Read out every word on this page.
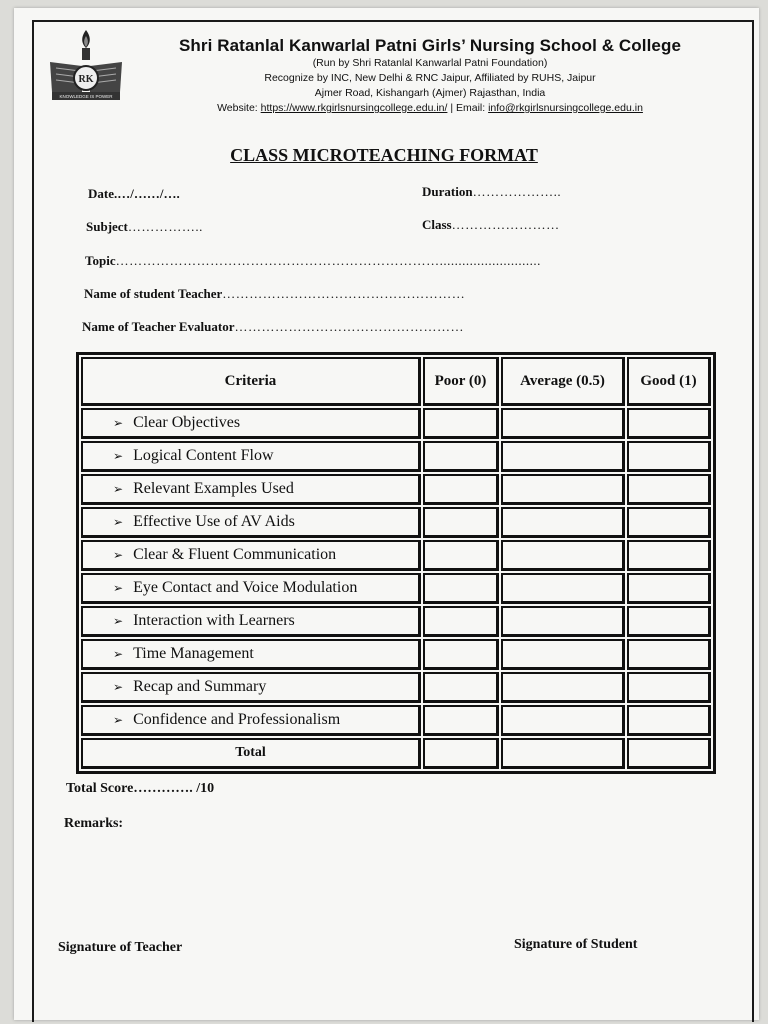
RK
KNOWLEDGE IS POWER
Shri Ratanlal Kanwarlal Patni Girls’ Nursing School & College
(Run by Shri Ratanlal Kanwarlal Patni Foundation)
Recognize by INC, New Delhi & RNC Jaipur, Affiliated by RUHS, Jaipur
Ajmer Road, Kishangarh (Ajmer) Rajasthan, India
Website: https://www.rkgirlsnursingcollege.edu.in/ | Email: info@rkgirlsnursingcollege.edu.in
CLASS MICROTEACHING FORMAT
Date.…/……/….	Duration………………..
Subject……………..	Class……………………
Topic………………………………………………………………...........................
Name of student Teacher………………………………………………
Name of Teacher Evaluator……………………………………………
Criteria	Poor (0)	Average (0.5)	Good (1)
➢ Clear Objectives			
➢ Logical Content Flow			
➢ Relevant Examples Used			
➢ Effective Use of AV Aids			
➢ Clear & Fluent Communication			
➢ Eye Contact and Voice Modulation			
➢ Interaction with Learners			
➢ Time Management			
➢ Recap and Summary			
➢ Confidence and Professionalism			
Total			
Total Score…………. /10
Remarks:
Signature of Teacher	Signature of Student
